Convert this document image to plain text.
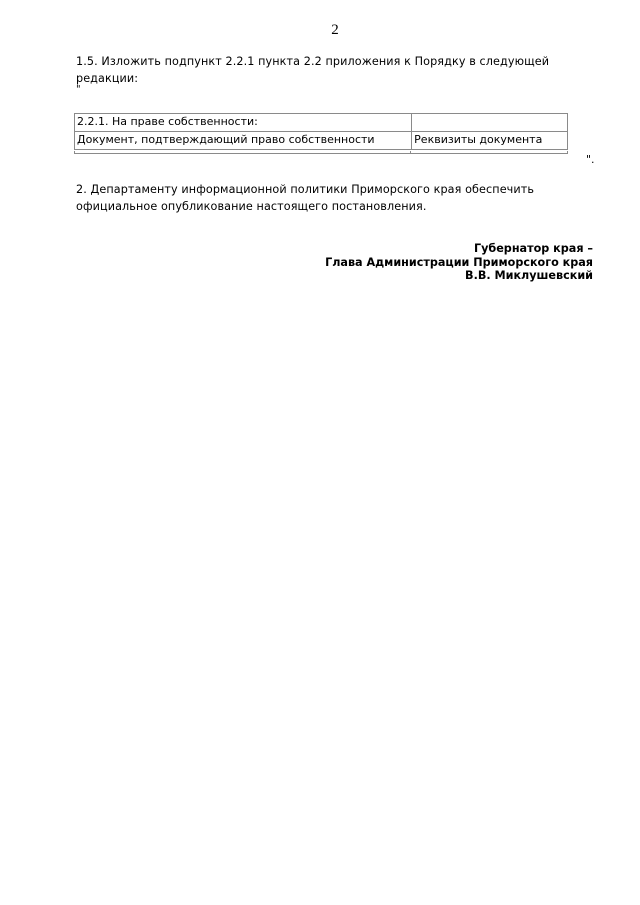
2
1.5. Изложить подпункт 2.2.1 пункта 2.2 приложения к Порядку в следующей редакции:
"
2.2.1. На праве собственности:	
Документ, подтверждающий право собственности	Реквизиты документа
".
2. Департаменту информационной политики Приморского края обеспечить официальное опубликование настоящего постановления.
Губернатор края –
Глава Администрации Приморского края
В.В. Миклушевский
